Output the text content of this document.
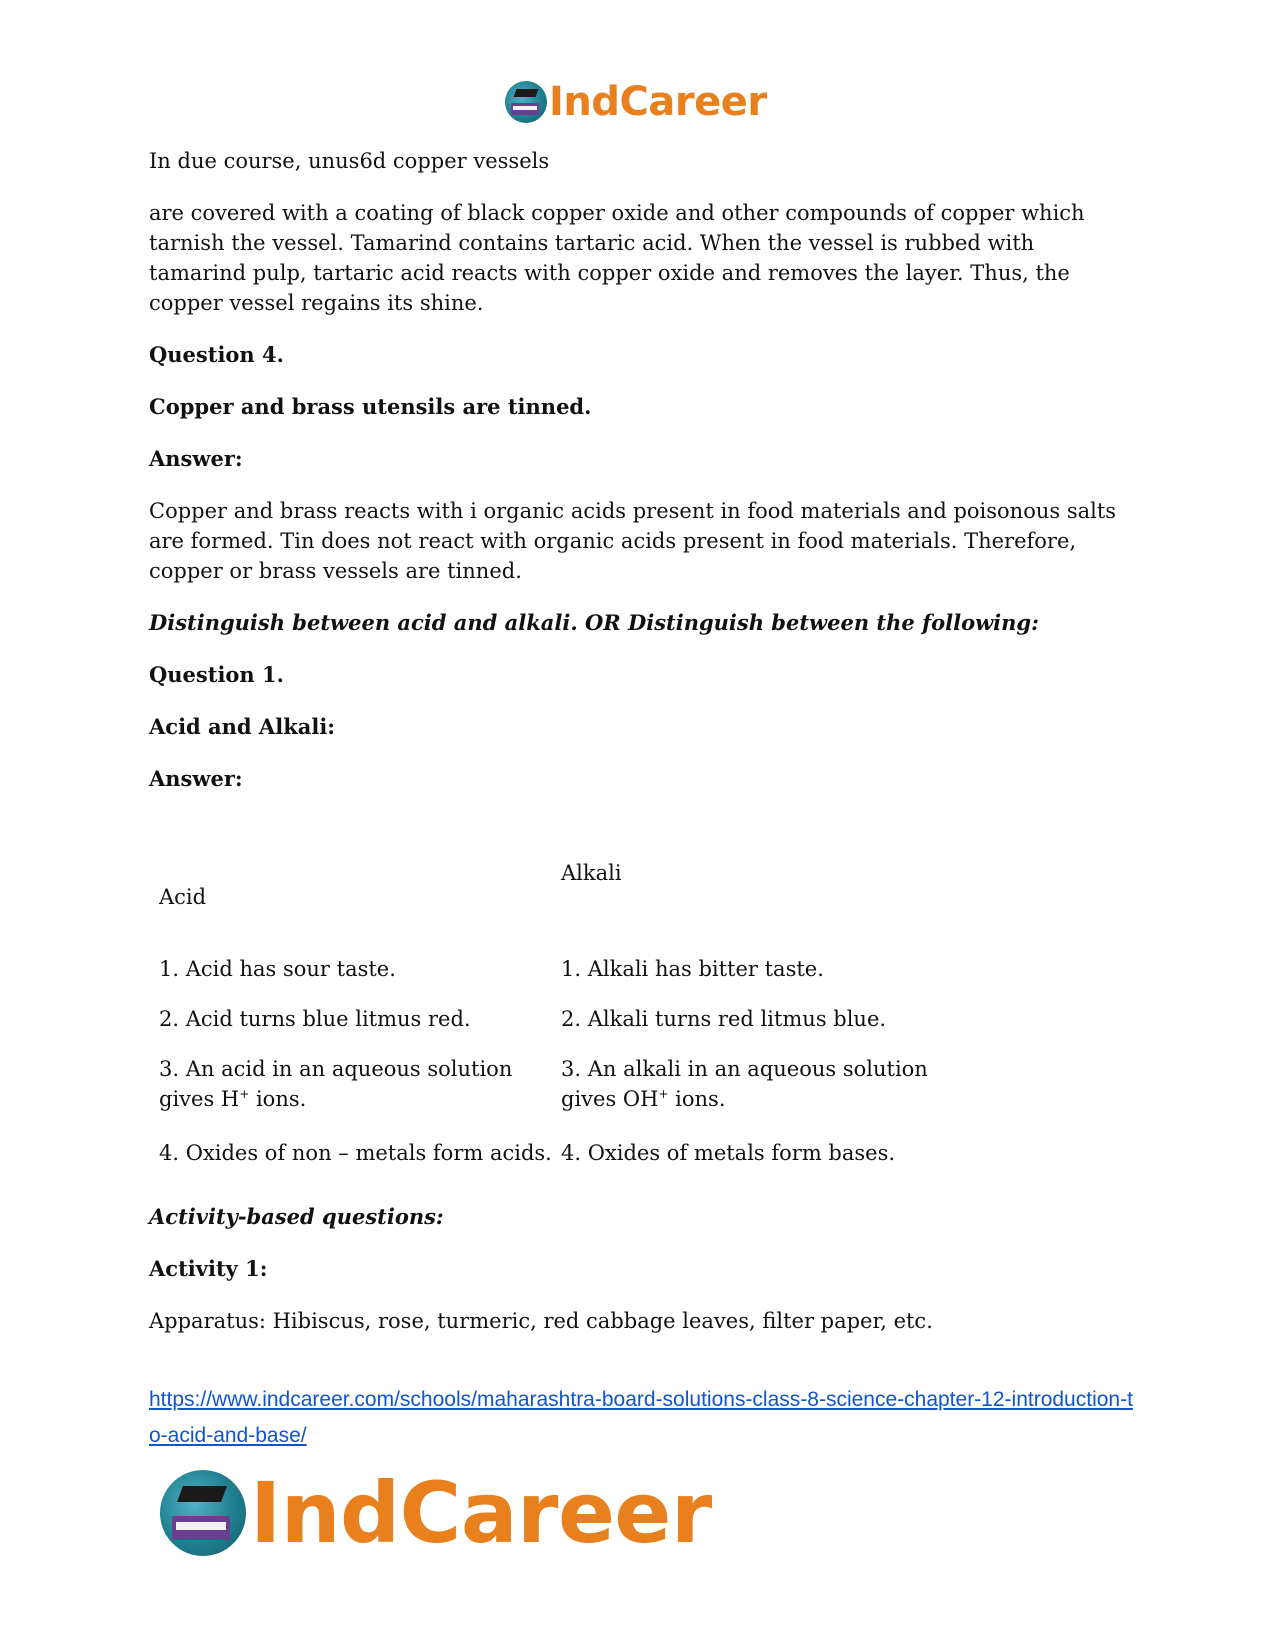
IndCareer

In due course, unus6d copper vessels

are covered with a coating of black copper oxide and other compounds of copper which tarnish the vessel. Tamarind contains tartaric acid. When the vessel is rubbed with tamarind pulp, tartaric acid reacts with copper oxide and removes the layer. Thus, the copper vessel regains its shine.

Question 4.

Copper and brass utensils are tinned.

Answer:

Copper and brass reacts with i organic acids present in food materials and poisonous salts are formed. Tin does not react with organic acids present in food materials. Therefore, copper or brass vessels are tinned.

Distinguish between acid and alkali. OR Distinguish between the following:

Question 1.

Acid and Alkali:

Answer:

Acid
Alkali
1. Acid has sour taste.	1. Alkali has bitter taste.
2. Acid turns blue litmus red.	2. Alkali turns red litmus blue.
3. An acid in an aqueous solution gives H+ ions.
3. An alkali in an aqueous solution gives OH+ ions.
4. Oxides of non – metals form acids. 4. Oxides of metals form bases.

Activity-based questions:

Activity 1:

Apparatus: Hibiscus, rose, turmeric, red cabbage leaves, filter paper, etc.

https://www.indcareer.com/schools/maharashtra-board-solutions-class-8-science-chapter-12-introduction-to-acid-and-base/
IndCareer
